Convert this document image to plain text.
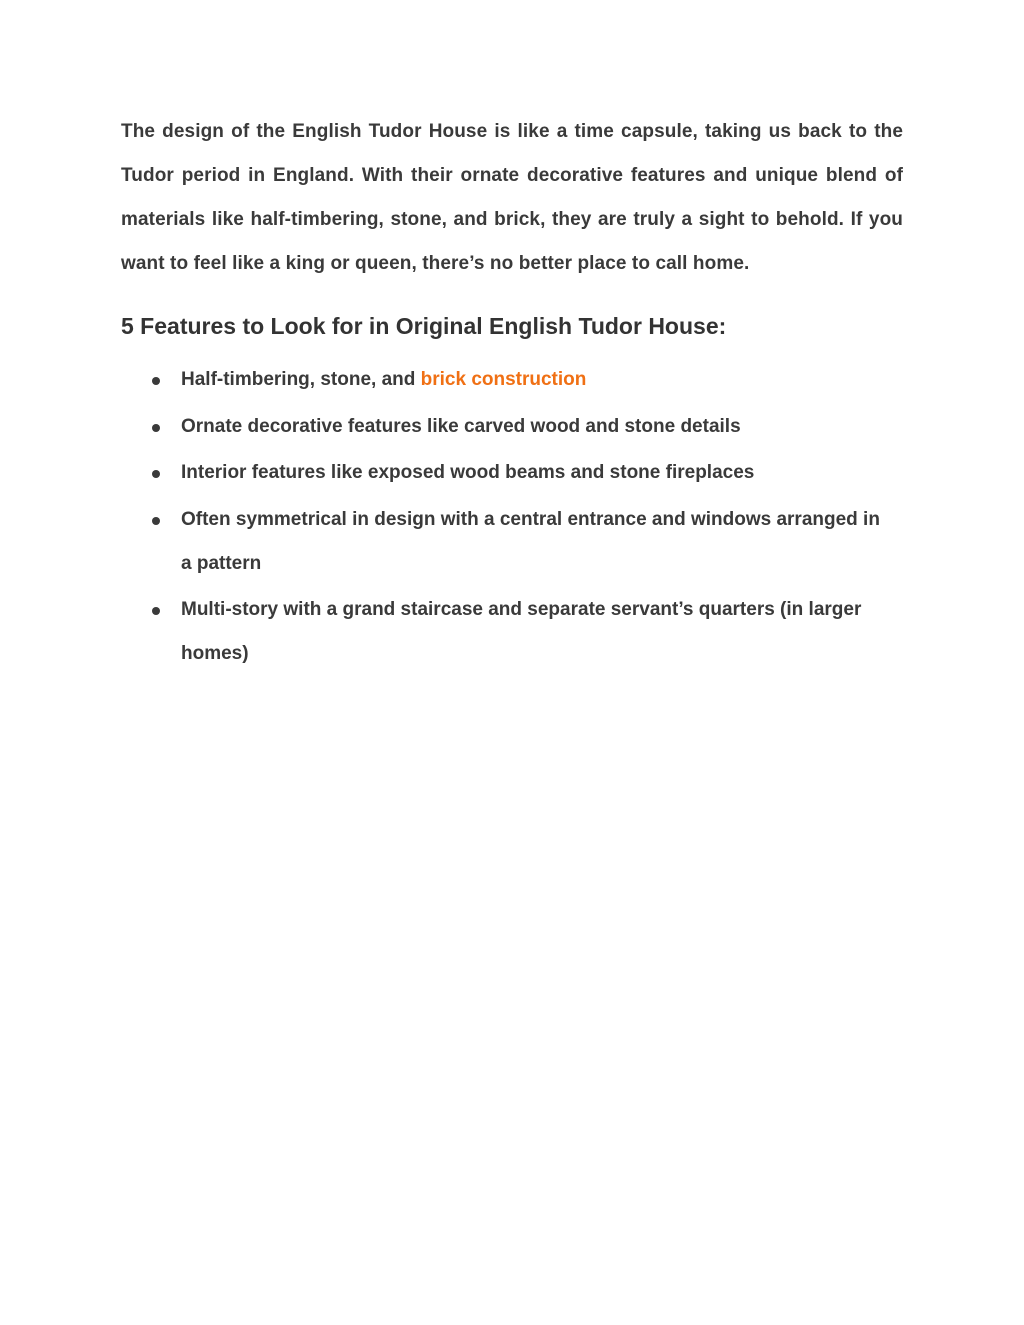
The design of the English Tudor House is like a time capsule, taking us back to the Tudor period in England. With their ornate decorative features and unique blend of materials like half-timbering, stone, and brick, they are truly a sight to behold. If you want to feel like a king or queen, there’s no better place to call home.

5 Features to Look for in Original English Tudor House:
Half-timbering, stone, and brick construction
Ornate decorative features like carved wood and stone details
Interior features like exposed wood beams and stone fireplaces
Often symmetrical in design with a central entrance and windows arranged in a pattern
Multi-story with a grand staircase and separate servant’s quarters (in larger homes)
